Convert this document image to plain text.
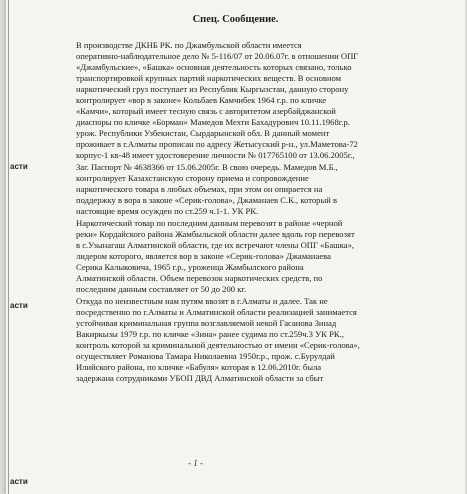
Спец. Сообщение.

В производстве ДКНБ РК. по Джамбульской области имеется
оперативно-наблюдательное дело № 5-116/07 от 20.06.07г. в отношении ОПГ
«Джамбульские», «Башка» основная деятельность которых связано, только
транспортировкой крупных партий наркотических веществ. В основном
наркотический груз поступает из Республик Кыргызстан, данную сторону
контролирует «вор в законе» Кольбаев Камчибек 1964 г.р. по кличке
«Камчи», который имеет тесную связь с авторитетом азербайджанской
диаспоры по кличке «Борман» Мамедов Мехти Бахадурович 10.11.1968г.р.
урож. Республики Узбекистан, Сырдарынской обл. В данный момент
проживает в г.Алматы прописан по адресу Жетысуский р-н., ул.Маметова-72
корпус-1 кв-48 имеет удостоверение личности № 017765100 от 13.06.2005г.,
Заг. Паспорт № 4638366 от 15.06.2005г. В свою очередь. Мамедов М.Б.,
контролирует Казахстанскую сторону приема и сопровождение
наркотического товара в любых объемах, при этом он опирается на
поддержку в вора в законе «Серик-голова», Джаманаев С.К., который в
настоящие время осужден по ст.259 ч.1-1. УК РК.

Наркотический товар по последним данным перевозят в районе «черной
реки» Кордайского района Жамбыльской области далее вдоль гор перевозят
в с.Узынагаш Алматинской области, где их встречают члены ОПГ «Башка»,
лидером которого, является вор в законе «Серик-голова» Джаманаева
Серика Калыковича, 1965 г.р., уроженца Жамбылского района
Алматинской области. Объем перевозок наркотических средств, по
последним данным составляет от 50 до 200 кг.

Откуда по неизвестным нам путям ввозят в г.Алматы и далее. Так не
посредственно по г.Алматы и Алматинской области реализацией занимается
устойчивая криминальная группа возглавляемой некой Гасанова Зинад
Вакиркызы 1979 г.р. по кличке «Зина» ранее судима по ст.259ч.3 УК РК.,
контроль которой за криминальной деятельностью от имени «Серик-голова»,
осуществляет Романова Тамара Николаевна 1950г.р., прож. с.Бурулдай
Илийского района, по кличке «Бабуля» которая в 12.06.2010г. была
задержана сотрудниками УБОП ДВД Алматинской области за сбыт

- 1 -
асти
асти
асти
